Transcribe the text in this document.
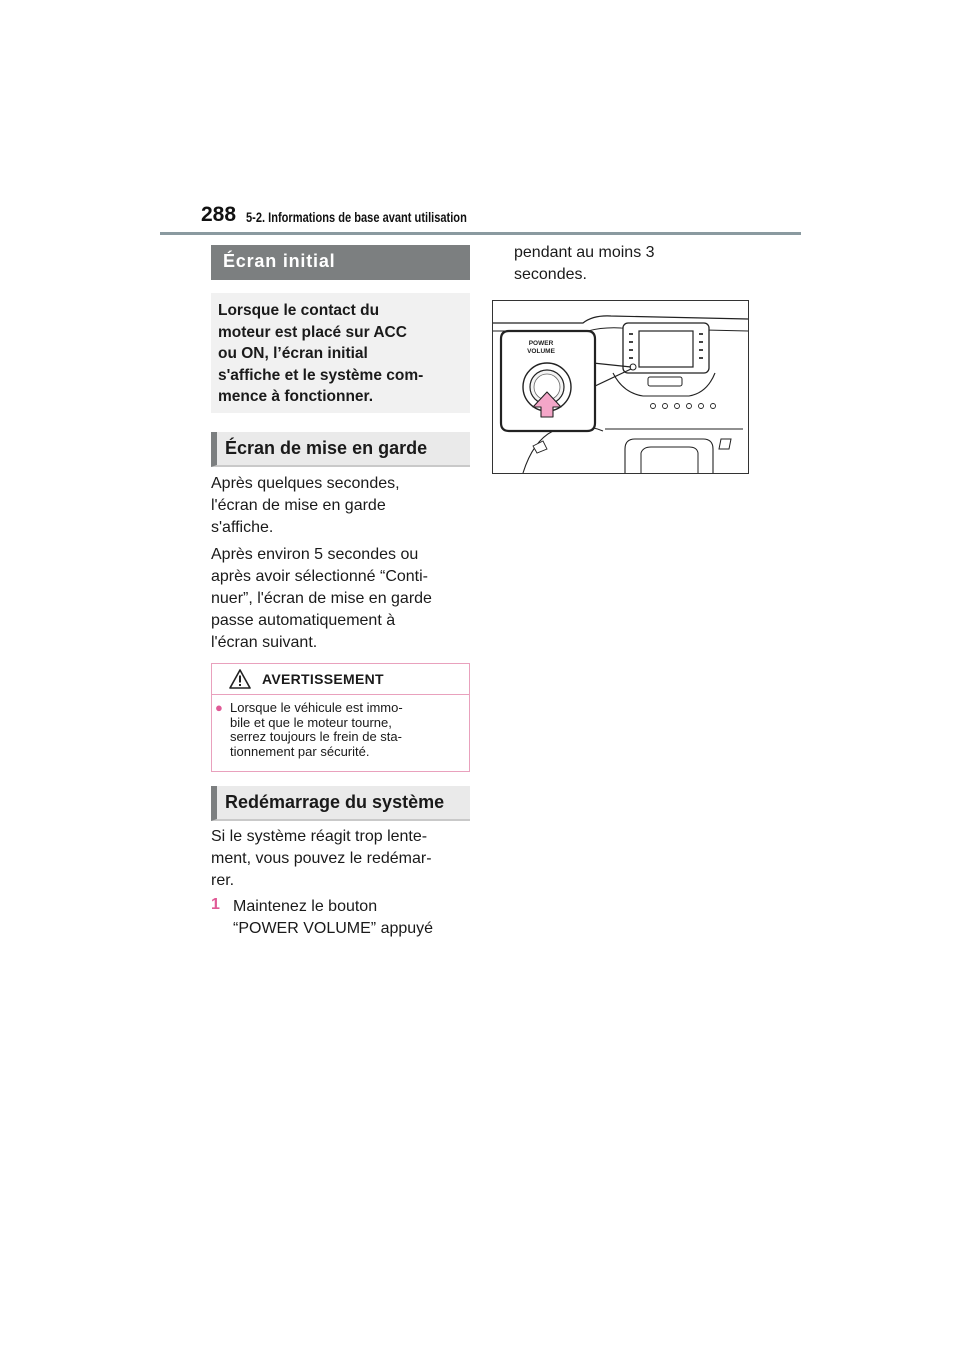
288 5-2. Informations de base avant utilisation
Écran initial
Lorsque le contact du
moteur est placé sur ACC
ou ON, l’écran initial
s'affiche et le système com-
mence à fonctionner.
Écran de mise en garde
Après quelques secondes,
l'écran de mise en garde
s'affiche.
Après environ 5 secondes ou
après avoir sélectionné “Conti-
nuer”, l'écran de mise en garde
passe automatiquement à
l'écran suivant.
AVERTISSEMENT
● Lorsque le véhicule est immo-
bile et que le moteur tourne,
serrez toujours le frein de sta-
tionnement par sécurité.
Redémarrage du système
Si le système réagit trop lente-
ment, vous pouvez le redémar-
rer.
1 Maintenez le bouton
“POWER VOLUME” appuyé
pendant au moins 3
secondes.
POWER
VOLUME
